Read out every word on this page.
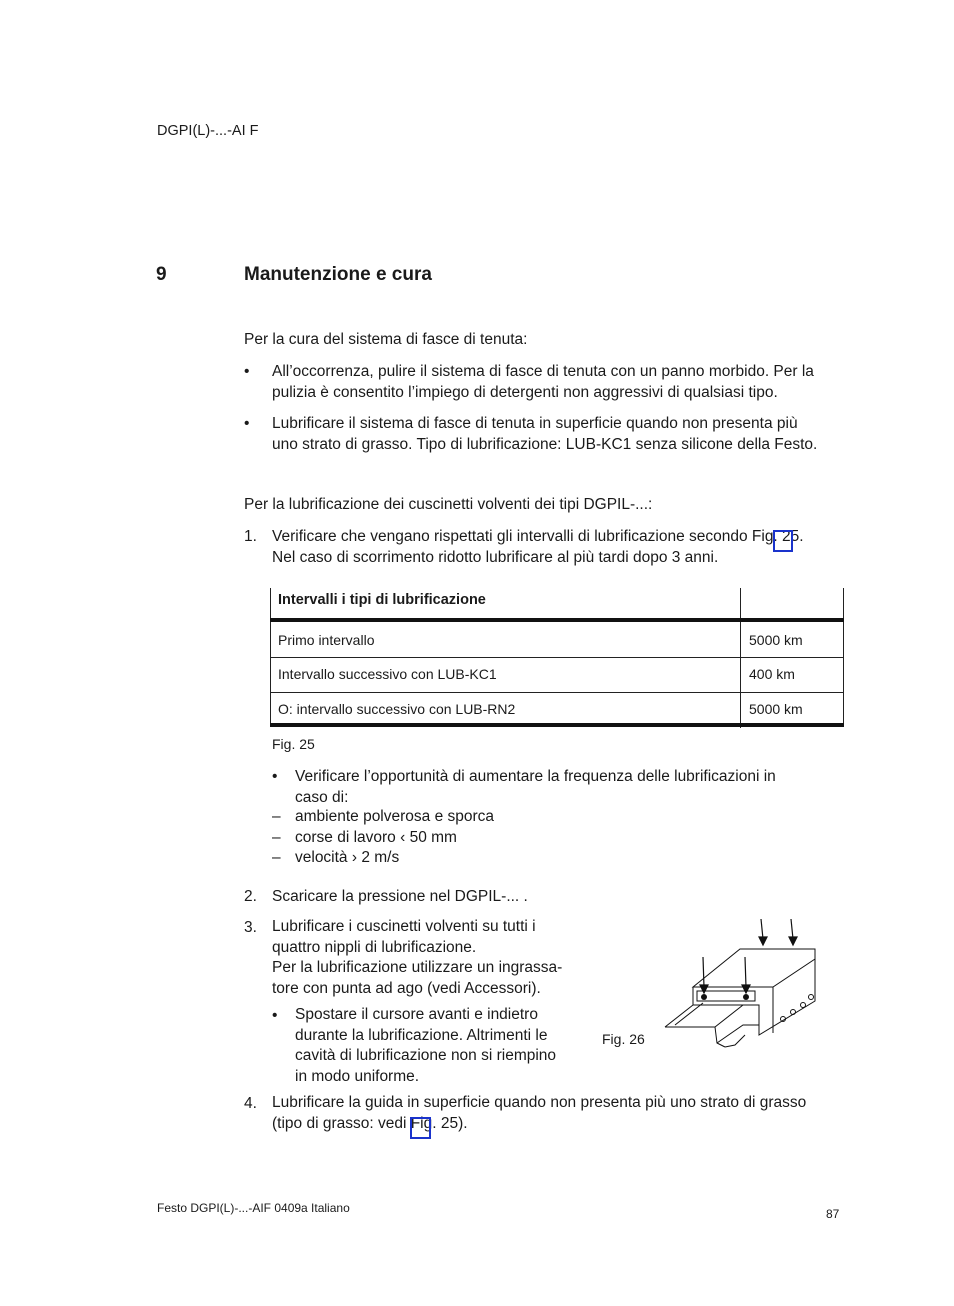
DGPI(L)-...-AI F
9	Manutenzione e cura
Per la cura del sistema di fasce di tenuta:
• All’occorrenza, pulire il sistema di fasce di tenuta con un panno morbido. Per la
pulizia è consentito l’impiego di detergenti non aggressivi di qualsiasi tipo.
• Lubrificare il sistema di fasce di tenuta in superficie quando non presenta più
uno strato di grasso. Tipo di lubrificazione: LUB-KC1 senza silicone della Festo.
Per la lubrificazione dei cuscinetti volventi dei tipi DGPIL-...:
1. Verificare che vengano rispettati gli intervalli di lubrificazione secondo Fig. 25.
Nel caso di scorrimento ridotto lubrificare al più tardi dopo 3 anni.
Intervalli i tipi di lubrificazione
Primo intervallo	5000 km
Intervallo successivo con LUB-KC1	400 km
O: intervallo successivo con LUB-RN2	5000 km
Fig. 25
• Verificare l’opportunità di aumentare la frequenza delle lubrificazioni in
caso di:
– ambiente polverosa e sporca
– corse di lavoro ‹ 50 mm
– velocità › 2 m/s
2. Scaricare la pressione nel DGPIL-... .
3. Lubrificare i cuscinetti volventi su tutti i
quattro nippli di lubrificazione.
Per la lubrificazione utilizzare un ingrassa-
tore con punta ad ago (vedi Accessori).
• Spostare il cursore avanti e indietro
durante la lubrificazione. Altrimenti le
cavità di lubrificazione non si riempino
in modo uniforme.
Fig. 26
4. Lubrificare la guida in superficie quando non presenta più uno strato di grasso
(tipo di grasso: vedi Fig. 25).
Festo DGPI(L)-...-AIF 0409a Italiano	87
